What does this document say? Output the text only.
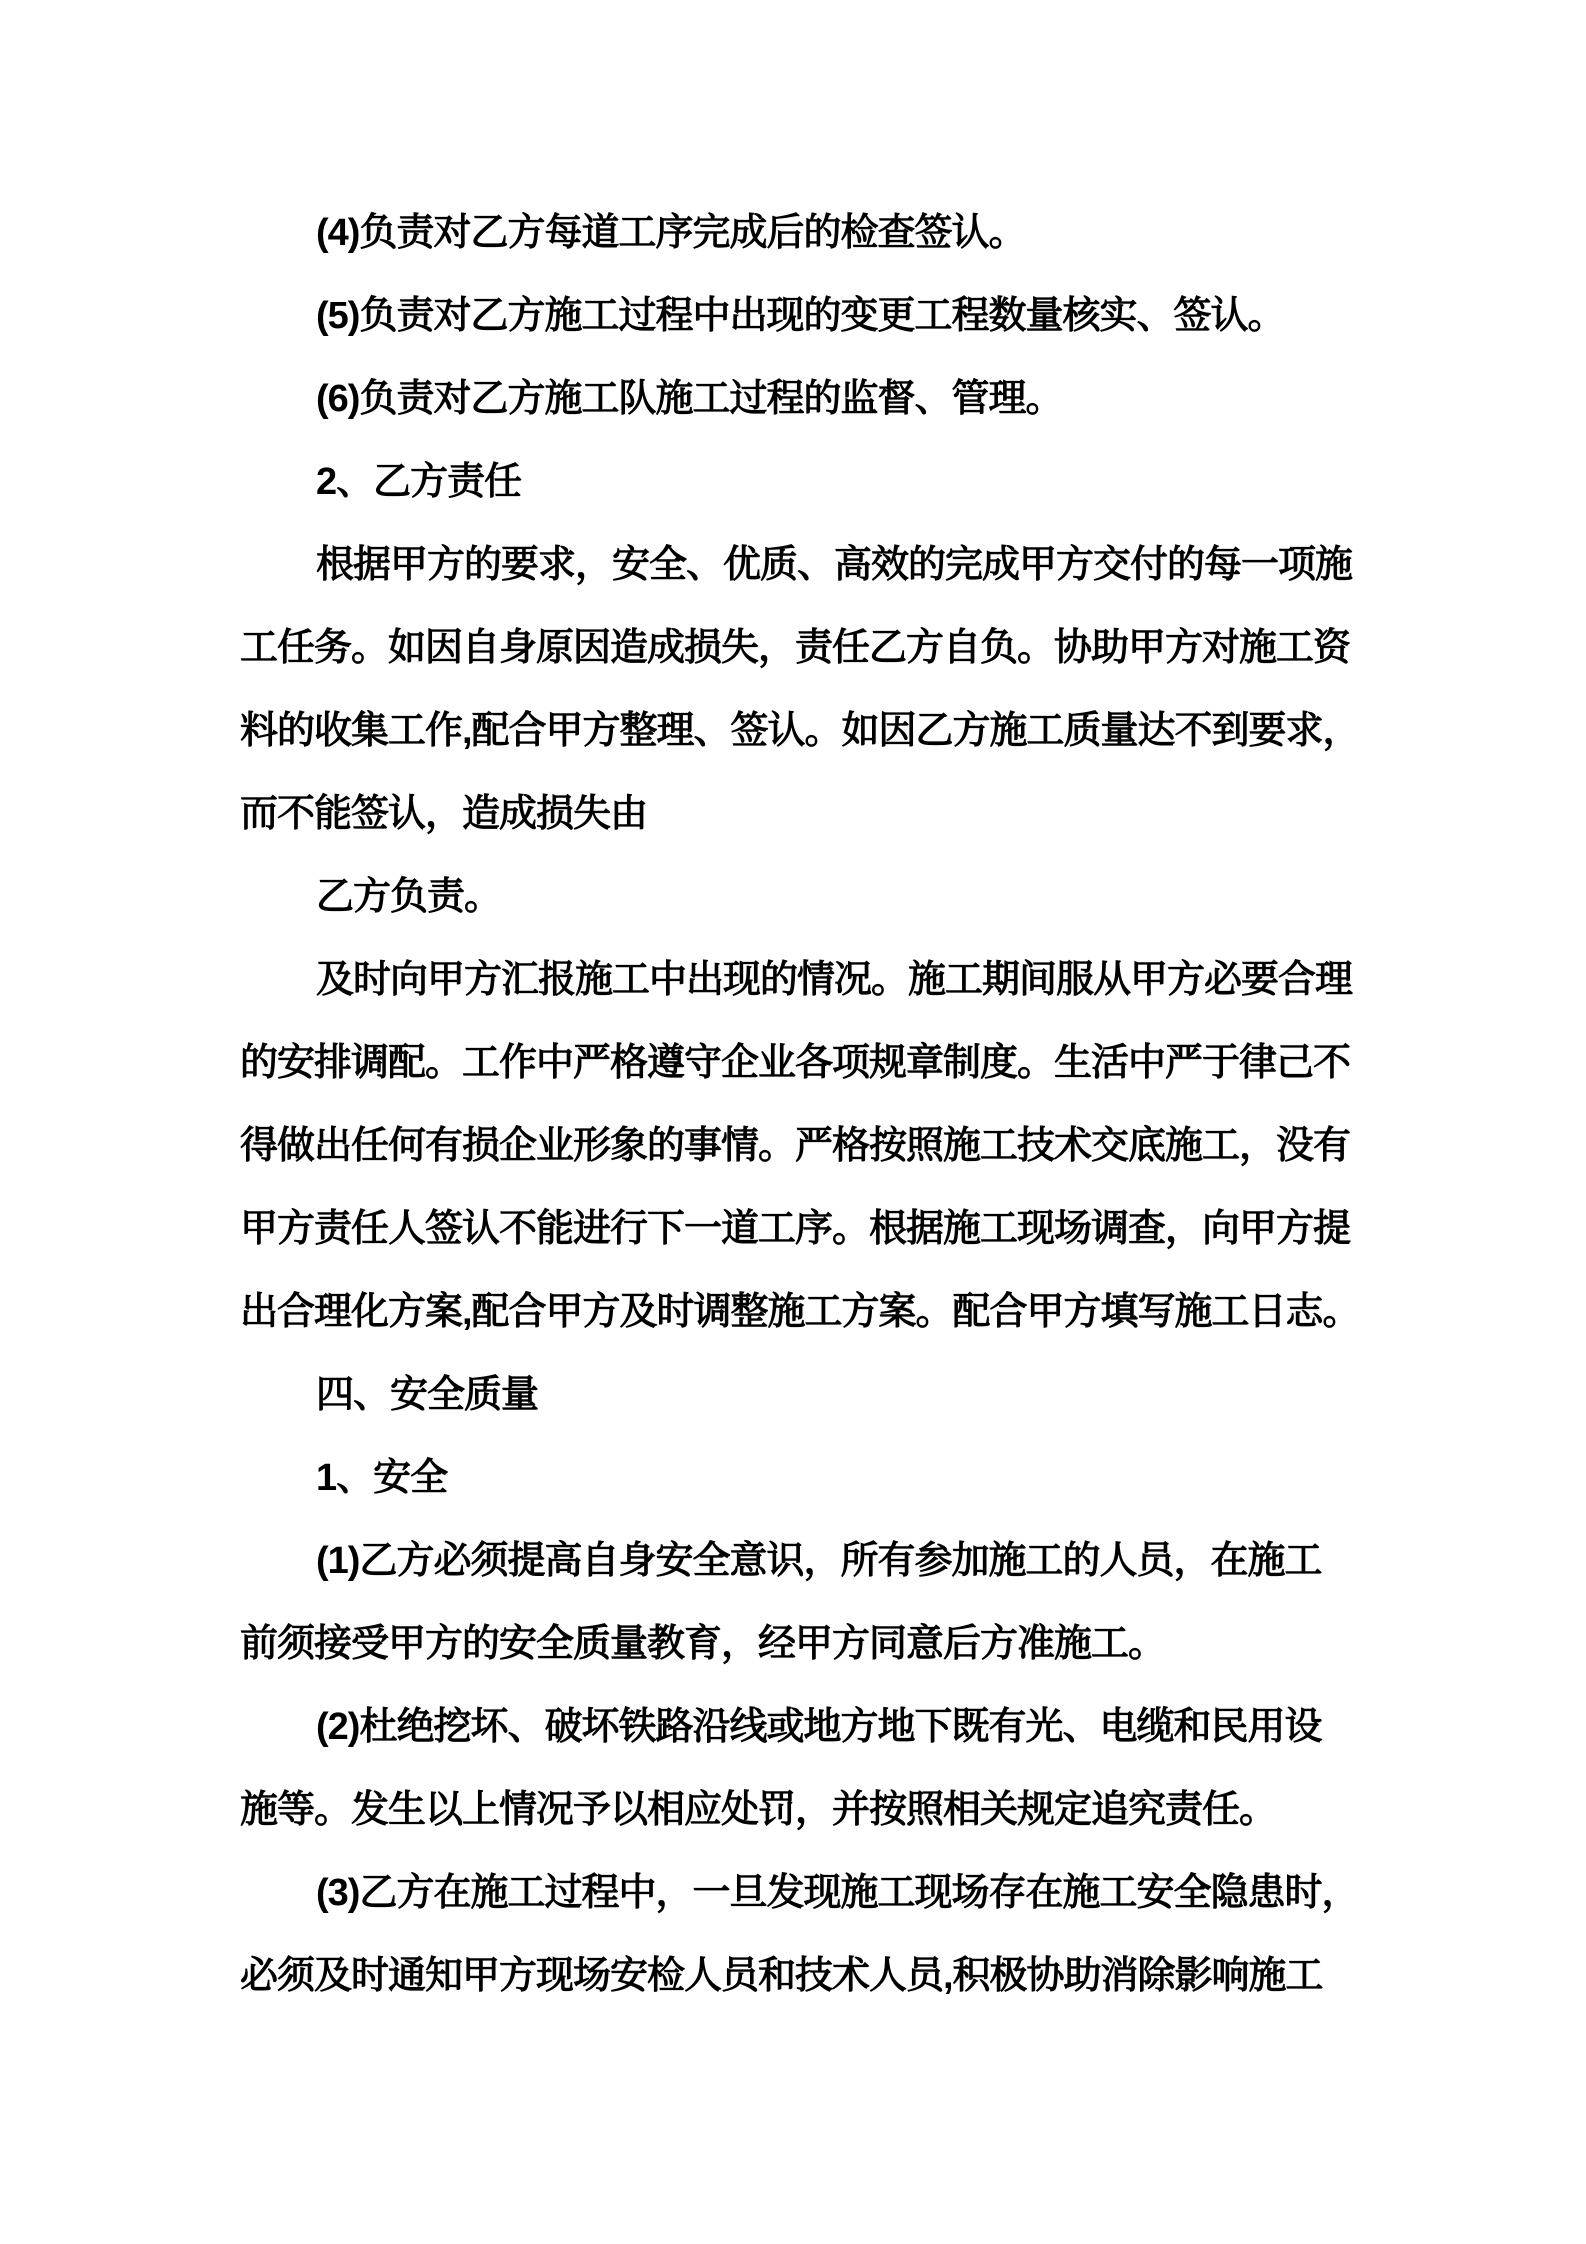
(4)负责对乙方每道工序完成后的检查签认。
(5)负责对乙方施工过程中出现的变更工程数量核实、签认。
(6)负责对乙方施工队施工过程的监督、管理。
2、乙方责任
根据甲方的要求，安全、优质、高效的完成甲方交付的每一项施
工任务。如因自身原因造成损失，责任乙方自负。协助甲方对施工资
料的收集工作,配合甲方整理、签认。如因乙方施工质量达不到要求，
而不能签认，造成损失由
乙方负责。
及时向甲方汇报施工中出现的情况。施工期间服从甲方必要合理
的安排调配。工作中严格遵守企业各项规章制度。生活中严于律己不
得做出任何有损企业形象的事情。严格按照施工技术交底施工，没有
甲方责任人签认不能进行下一道工序。根据施工现场调查，向甲方提
出合理化方案,配合甲方及时调整施工方案。配合甲方填写施工日志。
四、安全质量
1、安全
(1)乙方必须提高自身安全意识，所有参加施工的人员，在施工
前须接受甲方的安全质量教育，经甲方同意后方准施工。
(2)杜绝挖坏、破坏铁路沿线或地方地下既有光、电缆和民用设
施等。发生以上情况予以相应处罚，并按照相关规定追究责任。
(3)乙方在施工过程中，一旦发现施工现场存在施工安全隐患时，
必须及时通知甲方现场安检人员和技术人员,积极协助消除影响施工
